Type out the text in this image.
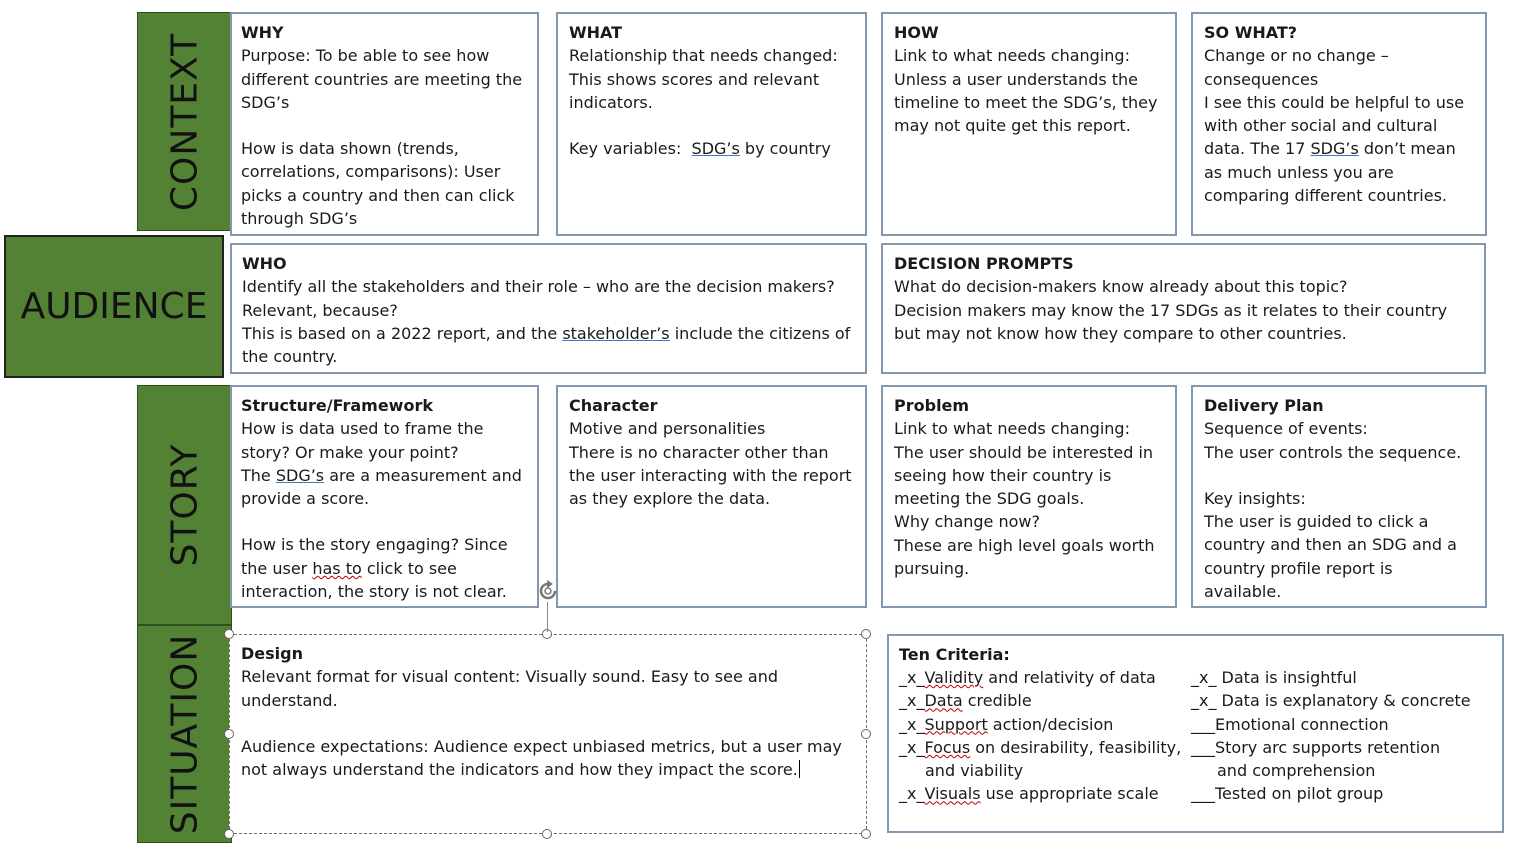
CONTEXT
AUDIENCE
STORY
SITUATION
WHY
Purpose: To be able to see how different countries are meeting the SDG’s
How is data shown (trends, correlations, comparisons): User picks a country and then can click through SDG’s
WHAT
Relationship that needs changed: This shows scores and relevant indicators.
Key variables: SDG’s by country
HOW
Link to what needs changing:
Unless a user understands the timeline to meet the SDG’s, they may not quite get this report.
SO WHAT?
Change or no change – consequences
I see this could be helpful to use with other social and cultural data. The 17 SDG’s don’t mean as much unless you are comparing different countries.
WHO
Identify all the stakeholders and their role – who are the decision makers? Relevant, because?
This is based on a 2022 report, and the stakeholder’s include the citizens of the country.
DECISION PROMPTS
What do decision-makers know already about this topic?
Decision makers may know the 17 SDGs as it relates to their country but may not know how they compare to other countries.
Structure/Framework
How is data used to frame the story? Or make your point?
The SDG’s are a measurement and provide a score.
How is the story engaging? Since the user has to click to see interaction, the story is not clear.
Character
Motive and personalities
There is no character other than the user interacting with the report as they explore the data.
Problem
Link to what needs changing:
The user should be interested in seeing how their country is meeting the SDG goals.
Why change now?
These are high level goals worth pursuing.
Delivery Plan
Sequence of events:
The user controls the sequence.
Key insights:
The user is guided to click a country and then an SDG and a country profile report is available.
Design
Relevant format for visual content: Visually sound. Easy to see and understand.
Audience expectations: Audience expect unbiased metrics, but a user may not always understand the indicators and how they impact the score.
Ten Criteria:
_x_Validity and relativity of data
_x_Data credible
_x_Support action/decision
_x_Focus on desirability, feasibility,
and viability
_x_Visuals use appropriate scale
_x_ Data is insightful
_x_ Data is explanatory & concrete
___Emotional connection
___Story arc supports retention
and comprehension
___Tested on pilot group
